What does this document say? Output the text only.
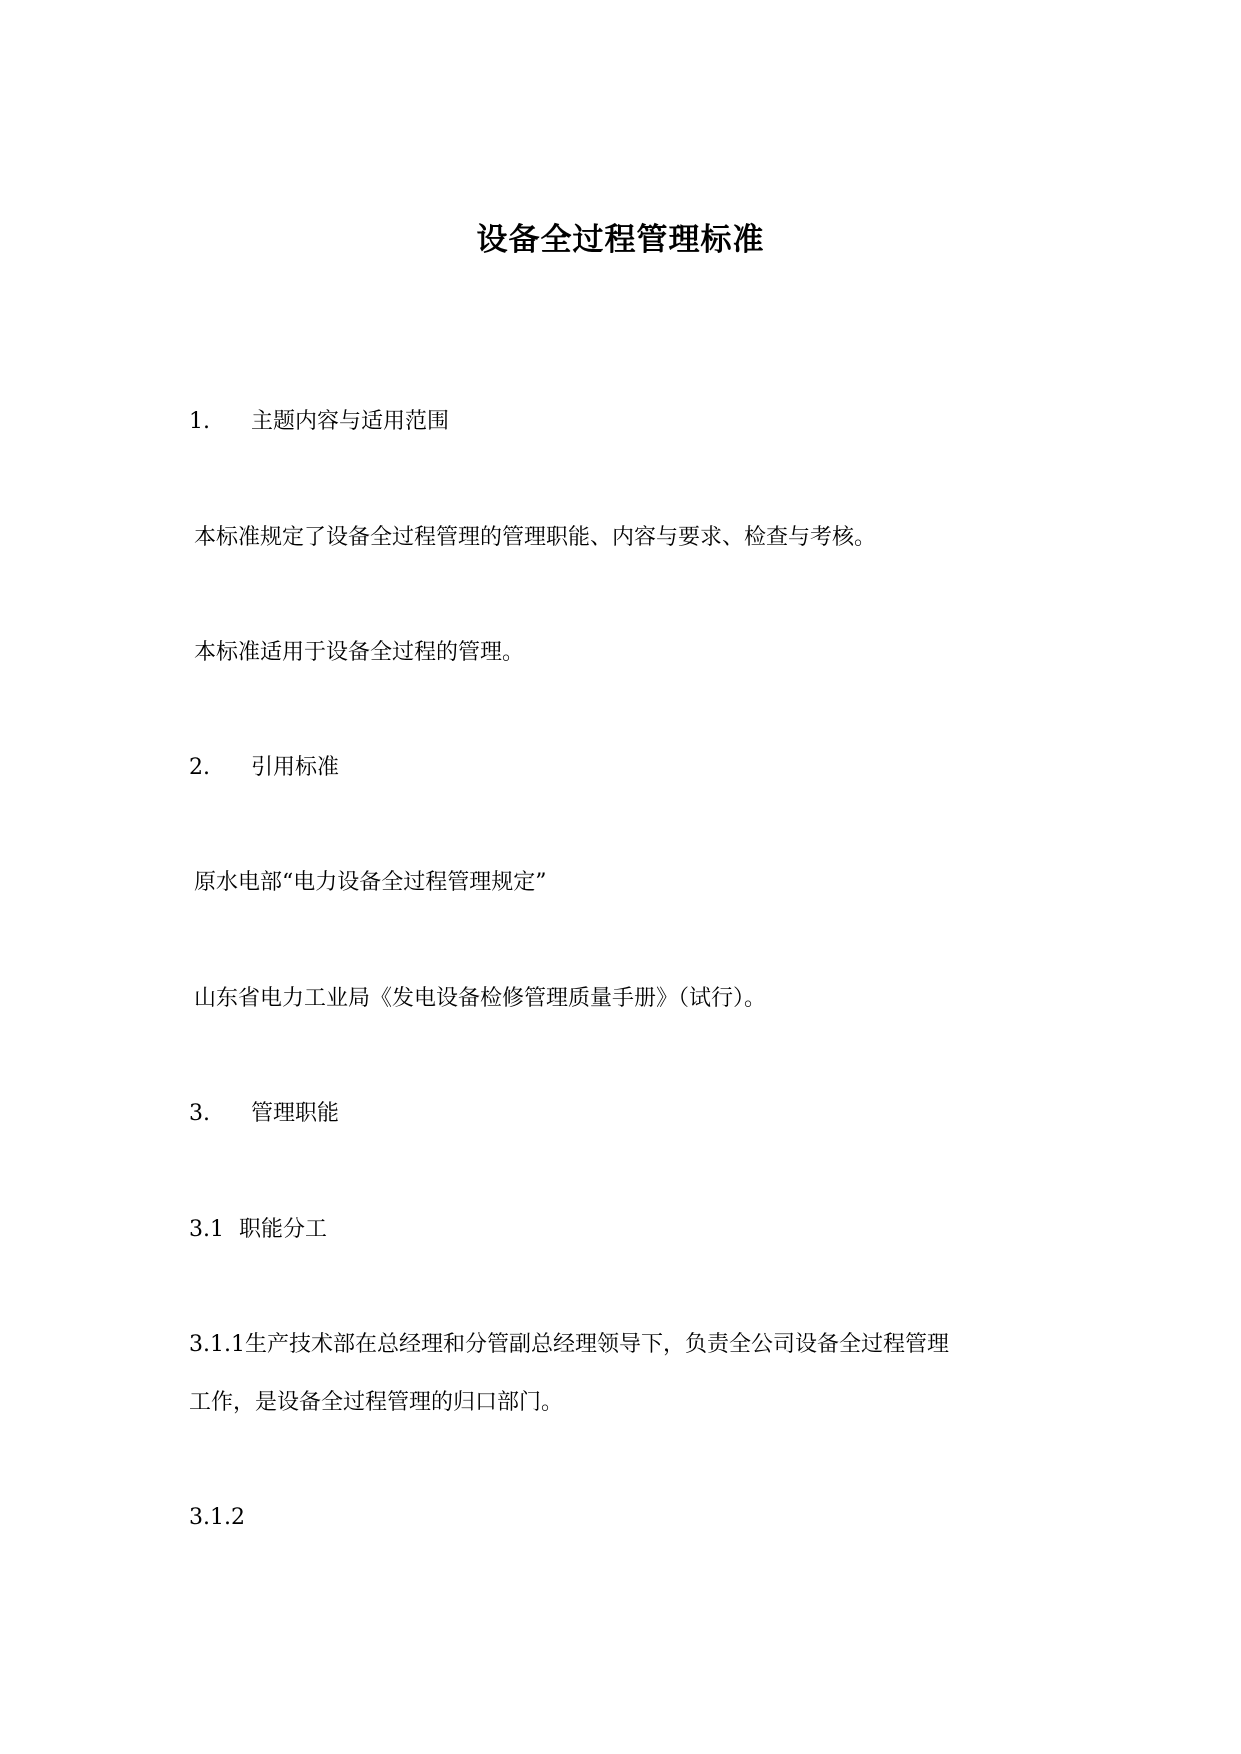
设备全过程管理标准
1. 主题内容与适用范围
本标准规定了设备全过程管理的管理职能、内容与要求、检查与考核。
本标准适用于设备全过程的管理。
2. 引用标准
原水电部“电力设备全过程管理规定”
山东省电力工业局《发电设备检修管理质量手册》（试行）。
3. 管理职能
3.1 职能分工
3.1.1生产技术部在总经理和分管副总经理领导下，负责全公司设备全过程管理
工作，是设备全过程管理的归口部门。
3.1.2
